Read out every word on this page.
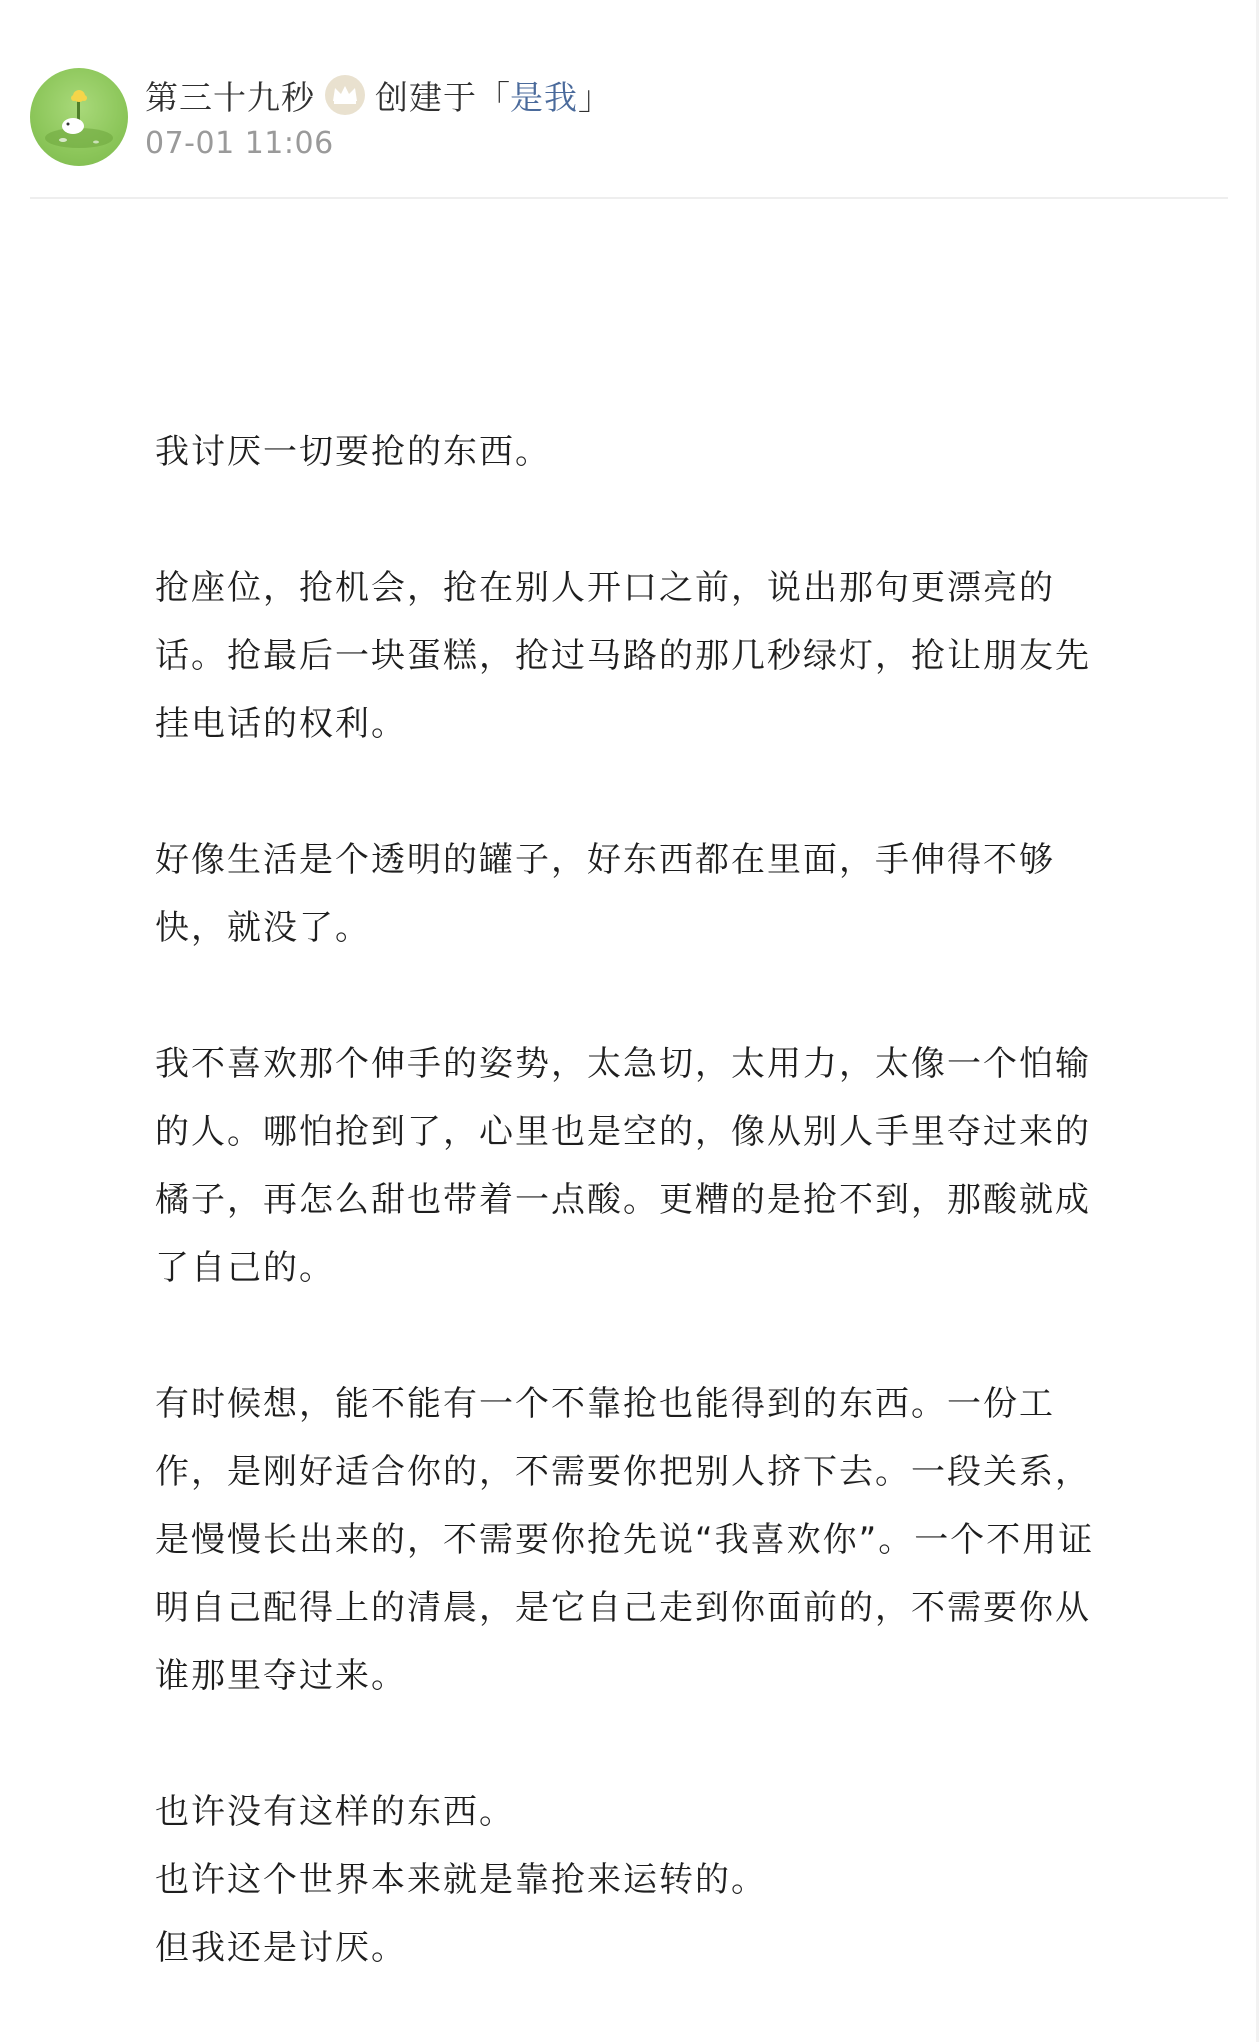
第三十九秒 创建于 「 是我 」
07-01 11:06

我讨厌一切要抢的东西。

抢座位，抢机会，抢在别人开口之前，说出那句更漂亮的话。抢最后一块蛋糕，抢过马路的那几秒绿灯，抢让朋友先挂电话的权利。

好像生活是个透明的罐子，好东西都在里面，手伸得不够快，就没了。

我不喜欢那个伸手的姿势，太急切，太用力，太像一个怕输的人。哪怕抢到了，心里也是空的，像从别人手里夺过来的橘子，再怎么甜也带着一点酸。更糟的是抢不到，那酸就成了自己的。

有时候想，能不能有一个不靠抢也能得到的东西。一份工作，是刚好适合你的，不需要你把别人挤下去。一段关系，是慢慢长出来的，不需要你抢先说“我喜欢你”。一个不用证明自己配得上的清晨，是它自己走到你面前的，不需要你从谁那里夺过来。

也许没有这样的东西。

也许这个世界本来就是靠抢来运转的。

但我还是讨厌。
